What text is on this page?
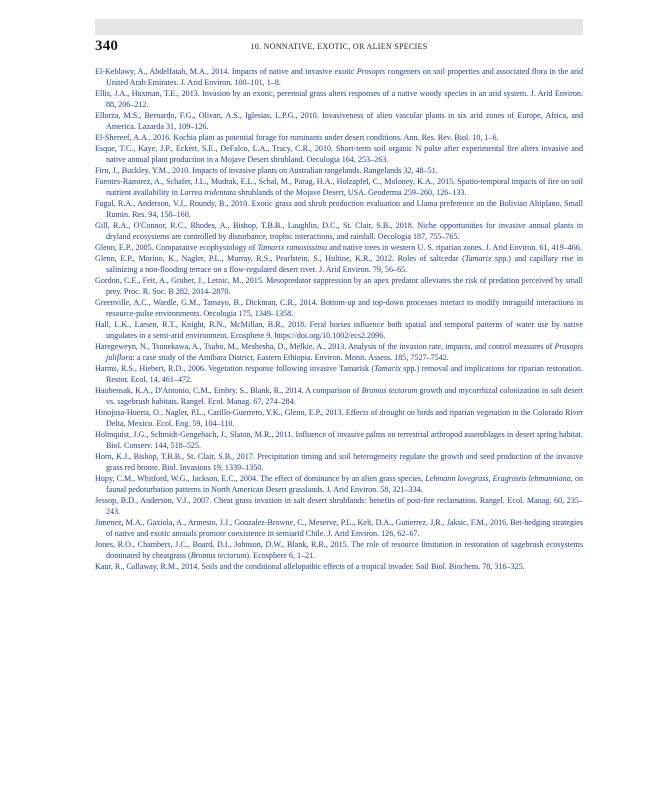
340	10. NONNATIVE, EXOTIC, OR ALIEN SPECIES
El-Keblawy, A., Abdelfatah, M.A., 2014. Impacts of native and invasive exotic Prosopis congeners on soil properties and associated flora in the arid United Arab Emirates. J. Arid Environ. 100–101, 1–8.
Ellis, J.A., Huxman, T.E., 2013. Invasion by an exotic, perennial grass alters responses of a native woody species in an arid system. J. Arid Environ. 88, 206–212.
Ellorza, M.S., Bernardo, F.G., Olivan, A.S., Iglesias, L.P.G., 2010. Invasiveness of alien vascular plants in six arid zones of Europe, Africa, and America. Lazarda 31, 109–126.
El-Shereef, A.A., 2016. Kochia plant as potential forage for ruminants under desert conditions. Ann. Res. Rev. Biol. 10, 1–6.
Esque, T.C., Kaye, J.P., Eckert, S.E., DeFalco, L.A., Tracy, C.R., 2010. Short-term soil organic N pulse after experimental fire alters invasive and native annual plant production in a Mojave Desert shrubland. Oecologia 164, 253–263.
Firn, J., Buckley, Y.M., 2010. Impacts of invasive plants on Australian rangelands. Rangelands 32, 48–51.
Fuentes-Ramirez, A., Schafer, J.L., Mudrak, E.L., Schal, M., Parag, H.A., Holzapfel, C., Moloney, K.A., 2015. Spatio-temporal impacts of fire on soil nutrient availability in Larrea tridentata shrublands of the Mojave Desert, USA. Geoderma 259–260, 126–133.
Fugal, R.A., Anderson, V.J., Roundy, B., 2010. Exotic grass and shrub production evaluation and Llama preference on the Bolivian Altiplano. Small Rumin. Res. 94, 150–160.
Gill, R.A., O'Connor, R.C., Rhodes, A., Bishop, T.B.B., Laughlin, D.C., St. Clair, S.B., 2018. Niche opportunities for invasive annual plants in dryland ecosystems are controlled by disturbance, trophic interactions, and rainfall. Oecologia 187, 755–765.
Glenn, E.P., 2005. Comparative ecophysiology of Tamarix ramosissima and native trees in western U. S. riparian zones. J. Arid Environ. 61, 419–466.
Glenn, E.P., Morino, K., Nagler, P.L., Murray, R.S., Pearlstein, S., Hultine, K.R., 2012. Roles of saltcedar (Tamarix spp.) and capillary rise in salinizing a non-flooding terrace on a flow-regulated desert river. J. Arid Environ. 79, 56–65.
Gordon, C.E., Feit, A., Gruber, J., Letnic, M., 2015. Mesopredator suppression by an apex predator alleviates the risk of predation perceived by small prey. Proc. R. Soc. B 282, 2014–2870.
Greenville, A.C., Wardle, G.M., Tamayo, B., Dickman, C.R., 2014. Bottom-up and top-down processes interact to modify intraguild interactions in resource-pulse environments. Oecologia 175, 1349–1358.
Hall, L.K., Larsen, R.T., Knight, R.N., McMillan, B.R., 2018. Feral horses influence both spatial and temporal patterns of water use by native ungulates in a semi-arid environment. Ecosphere 9. https://doi.org/10.1002/ecs2.2096.
Haregeweyn, N., Tsunekawa, A., Tsubo, M., Meshesha, D., Melkie, A., 2013. Analysis of the invasion rate, impacts, and control measures of Prosopis juliflora: a case study of the Amibara District, Eastern Ethiopia. Environ. Monit. Assess. 185, 7527–7542.
Harms, R.S., Hiebert, R.D., 2006. Vegetation response following invasive Tamarisk (Tamarix spp.) removal and implications for riparian restoration. Restor. Ecol. 14, 461–472.
Haubensak, K.A., D'Antonio, C.M., Embry, S., Blank, R., 2014. A comparison of Bromus tectorum growth and mycorrhizal colonization in salt desert vs. sagebrush habitats. Rangel. Ecol. Manag. 67, 274–284.
Hinojosa-Huerta, O., Nagler, P.L., Carillo-Guerrero, Y.K., Glenn, E.P., 2013. Effects of drought on birds and riparian vegetation in the Colorado River Delta, Mexico. Ecol. Eng. 59, 104–110.
Holmquist, J.G., Schmidt-Gengebach, J., Slaton, M.R., 2011. Influence of invasive palms on terrestrial arthropod assemblages in desert spring habitat. Biol. Conserv. 144, 518–525.
Horn, K.J., Bishop, T.B.B., St. Clair, S.B., 2017. Precipitation timing and soil heterogeneity regulate the growth and seed production of the invasive grass red brome. Biol. Invasions 19, 1339–1350.
Hupy, C.M., Whitford, W.G., Jackson, E.C., 2004. The effect of dominance by an alien grass species, Lehmann lovegrass, Eragrostis lehmanniana, on faunal pedoturbation patterns in North American Desert grasslands. J. Arid Environ. 58, 321–334.
Jessop, B.D., Anderson, V.J., 2007. Cheat grass invasion in salt desert shrublands: benefits of post-fire reclamation. Rangel. Ecol. Manag. 60, 235–243.
Jimenez, M.A., Gaxiola, A., Armesto, J.J., Gonzalez-Browne, C., Meserve, P.L., Kelt, D.A., Gutierrez, J.R., Jaksic, F.M., 2016. Bet-hedging strategies of native and exotic annuals promote coexistence in semiarid Chile. J. Arid Environ. 126, 62–67.
Jones, R.O., Chambers, J.C., Board, D.I., Johnson, D.W., Blank, R.R., 2015. The role of resource limitation in restoration of sagebrush ecosystems dominated by cheatgrass (Bromus tectorum). Ecosphere 6, 1–21.
Kaur, R., Callaway, R.M., 2014. Soils and the conditional allelopathic effects of a tropical invader. Soil Biol. Biochem. 78, 316–325.
